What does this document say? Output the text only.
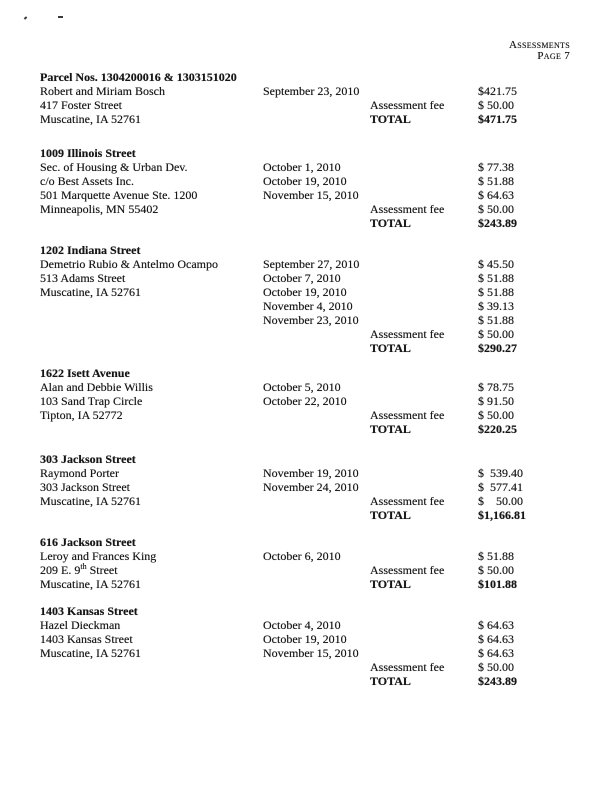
Assessments
Page 7
Parcel Nos. 1304200016 & 1303151020
Robert and Miriam Bosch	September 23, 2010	$421.75
417 Foster Street	Assessment fee	$ 50.00
Muscatine, IA 52761	TOTAL	$471.75
1009 Illinois Street
Sec. of Housing & Urban Dev.	October 1, 2010	$ 77.38
c/o Best Assets Inc.	October 19, 2010	$ 51.88
501 Marquette Avenue Ste. 1200	November 15, 2010	$ 64.63
Minneapolis, MN 55402	Assessment fee	$ 50.00
TOTAL	$243.89
1202 Indiana Street
Demetrio Rubio & Antelmo Ocampo	September 27, 2010	$ 45.50
513 Adams Street	October 7, 2010	$ 51.88
Muscatine, IA 52761	October 19, 2010	$ 51.88
November 4, 2010	$ 39.13
November 23, 2010	$ 51.88
Assessment fee	$ 50.00
TOTAL	$290.27
1622 Isett Avenue
Alan and Debbie Willis	October 5, 2010	$ 78.75
103 Sand Trap Circle	October 22, 2010	$ 91.50
Tipton, IA 52772	Assessment fee	$ 50.00
TOTAL	$220.25
303 Jackson Street
Raymond Porter	November 19, 2010	$  539.40
303 Jackson Street	November 24, 2010	$  577.41
Muscatine, IA 52761	Assessment fee	$    50.00
TOTAL	$1,166.81
616 Jackson Street
Leroy and Frances King	October 6, 2010	$ 51.88
209 E. 9th Street	Assessment fee	$ 50.00
Muscatine, IA 52761	TOTAL	$101.88
1403 Kansas Street
Hazel Dieckman	October 4, 2010	$ 64.63
1403 Kansas Street	October 19, 2010	$ 64.63
Muscatine, IA 52761	November 15, 2010	$ 64.63
Assessment fee	$ 50.00
TOTAL	$243.89
